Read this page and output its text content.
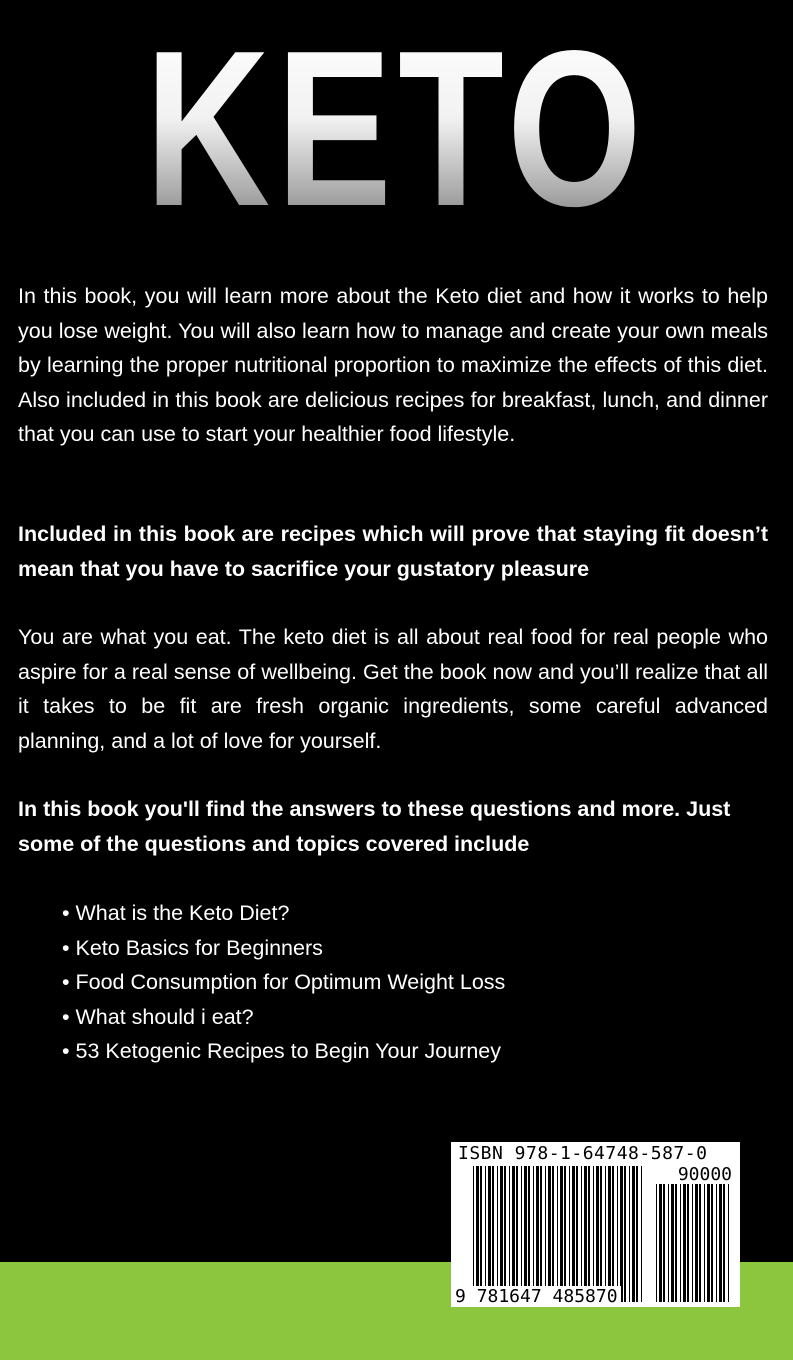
KETO

In this book, you will learn more about the Keto diet and how it works to help you lose weight. You will also learn how to manage and create your own meals by learning the proper nutritional proportion to maximize the effects of this diet. Also included in this book are delicious recipes for breakfast, lunch, and dinner that you can use to start your healthier food lifestyle.

Included in this book are recipes which will prove that staying fit doesn’t mean that you have to sacrifice your gustatory pleasure

You are what you eat. The keto diet is all about real food for real people who aspire for a real sense of wellbeing. Get the book now and you’ll realize that all it takes to be fit are fresh organic ingredients, some careful advanced planning, and a lot of love for yourself.

In this book you'll find the answers to these questions and more. Just some of the questions and topics covered include

• What is the Keto Diet?
• Keto Basics for Beginners
• Food Consumption for Optimum Weight Loss
• What should i eat?
• 53 Ketogenic Recipes to Begin Your Journey
ISBN 978-1-64748-587-0
90000
9 781647 485870
